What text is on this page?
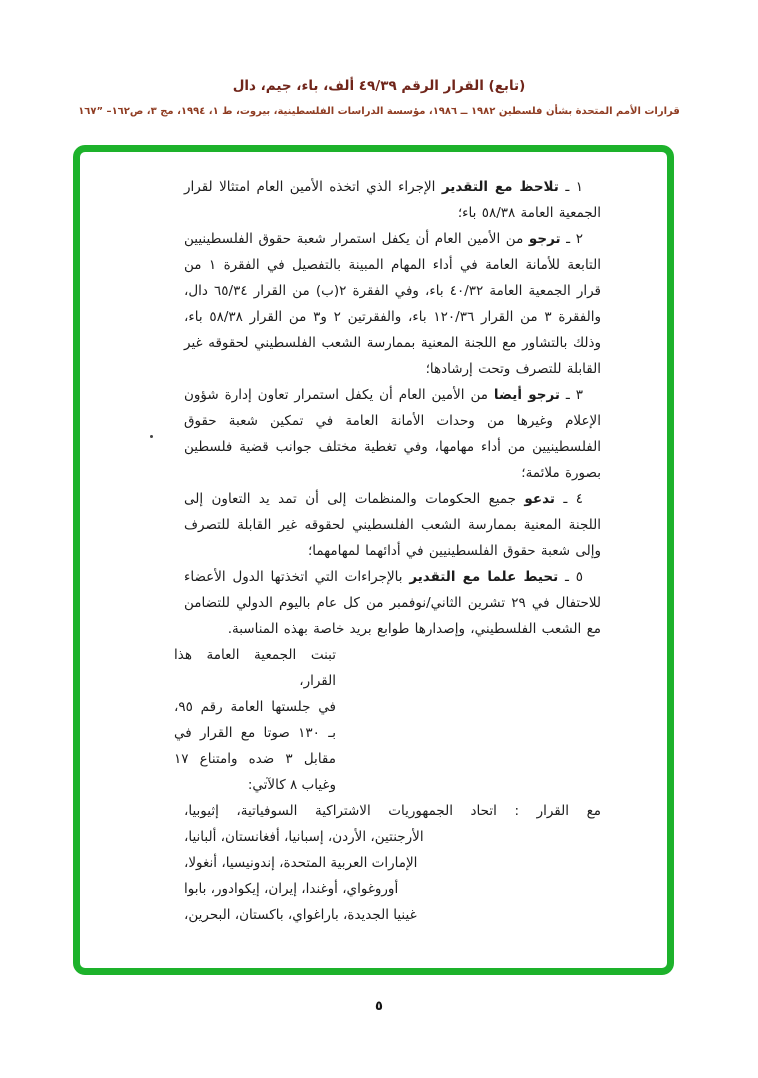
(تابع) القرار الرقم ٤٩/٣٩ ألف، باء، جيم، دال
قرارات الأمم المتحدة بشأن فلسطين ١٩٨٢ ــ ١٩٨٦، مؤسسة الدراسات الفلسطينية، بيروت، ط ١، ١٩٩٤، مج ٣، ص١٦٢– ١٦٧ˮ

١ ـ تلاحظ مع التقدير الإجراء الذي اتخذه الأمين العام امتثالا لقرار الجمعية العامة ٥٨/٣٨ باء؛

٢ ـ ترجو من الأمين العام أن يكفل استمرار شعبة حقوق الفلسطينيين التابعة للأمانة العامة في أداء المهام المبينة بالتفصيل في الفقرة ١ من قرار الجمعية العامة ٤٠/٣٢ باء، وفي الفقرة ٢(ب) من القرار ٦٥/٣٤ دال، والفقرة ٣ من القرار ١٢٠/٣٦ باء، والفقرتين ٢ و٣ من القرار ٥٨/٣٨ باء، وذلك بالتشاور مع اللجنة المعنية بممارسة الشعب الفلسطيني لحقوقه غير القابلة للتصرف وتحت إرشادها؛

٣ ـ ترجو أيضا من الأمين العام أن يكفل استمرار تعاون إدارة شؤون الإعلام وغيرها من وحدات الأمانة العامة في تمكين شعبة حقوق الفلسطينيين من أداء مهامها، وفي تغطية مختلف جوانب قضية فلسطين بصورة ملائمة؛

٤ ـ تدعو جميع الحكومات والمنظمات إلى أن تمد يد التعاون إلى اللجنة المعنية بممارسة الشعب الفلسطيني لحقوقه غير القابلة للتصرف وإلى شعبة حقوق الفلسطينيين في أدائهما لمهامهما؛

٥ ـ تحيط علما مع التقدير بالإجراءات التي اتخذتها الدول الأعضاء للاحتفال في ٢٩ تشرين الثاني/نوفمبر من كل عام باليوم الدولي للتضامن مع الشعب الفلسطيني، وإصدارها طوابع بريد خاصة بهذه المناسبة.

تبنت الجمعية العامة هذا القرار،
في جلستها العامة رقم ٩٥،
بـ ١٣٠ صوتا مع القرار في
مقابل ٣ ضده وامتناع ١٧
وغياب ٨ كالآتي:
مع القرار : اتحاد الجمهوريات الاشتراكية السوفياتية، إثيوبيا،
الأرجنتين، الأردن، إسبانيا، أفغانستان، ألبانيا،
الإمارات العربية المتحدة، إندونيسيا، أنغولا،
أوروغواي، أوغندا، إيران، إيكوادور، بابوا
غينيا الجديدة، باراغواي، باكستان، البحرين،
٥
